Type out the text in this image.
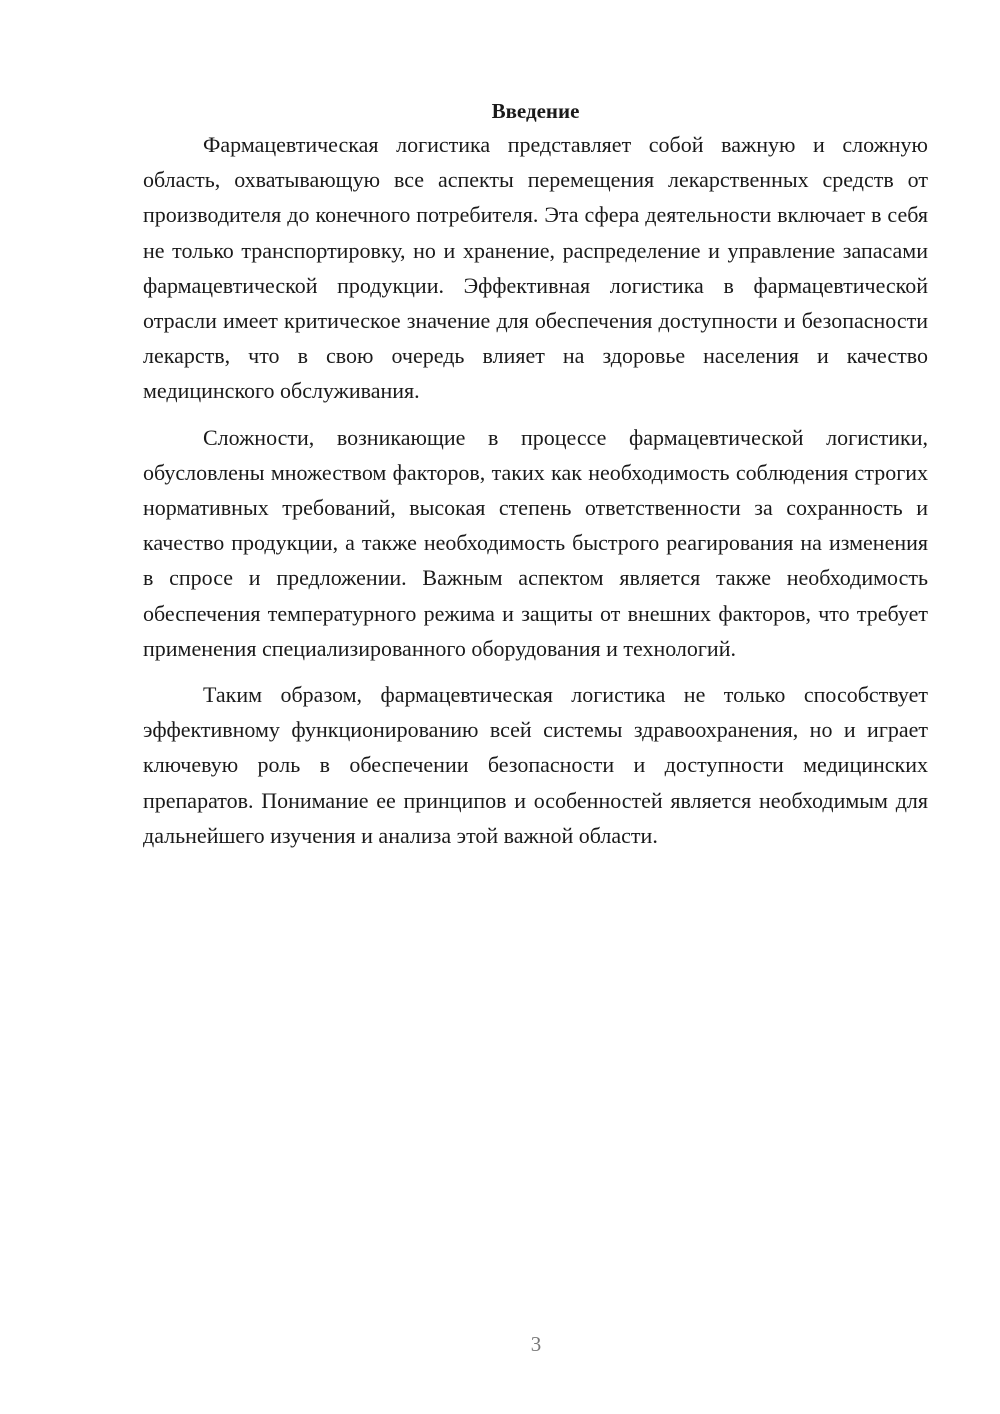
Введение

Фармацевтическая логистика представляет собой важную и сложную область, охватывающую все аспекты перемещения лекарственных средств от производителя до конечного потребителя. Эта сфера деятельности включает в себя не только транспортировку, но и хранение, распределение и управление запасами фармацевтической продукции. Эффективная логистика в фармацевтической отрасли имеет критическое значение для обеспечения доступности и безопасности лекарств, что в свою очередь влияет на здоровье населения и качество медицинского обслуживания.

Сложности, возникающие в процессе фармацевтической логистики, обусловлены множеством факторов, таких как необходимость соблюдения строгих нормативных требований, высокая степень ответственности за сохранность и качество продукции, а также необходимость быстрого реагирования на изменения в спросе и предложении. Важным аспектом является также необходимость обеспечения температурного режима и защиты от внешних факторов, что требует применения специализированного оборудования и технологий.

Таким образом, фармацевтическая логистика не только способствует эффективному функционированию всей системы здравоохранения, но и играет ключевую роль в обеспечении безопасности и доступности медицинских препаратов. Понимание ее принципов и особенностей является необходимым для дальнейшего изучения и анализа этой важной области.

3
